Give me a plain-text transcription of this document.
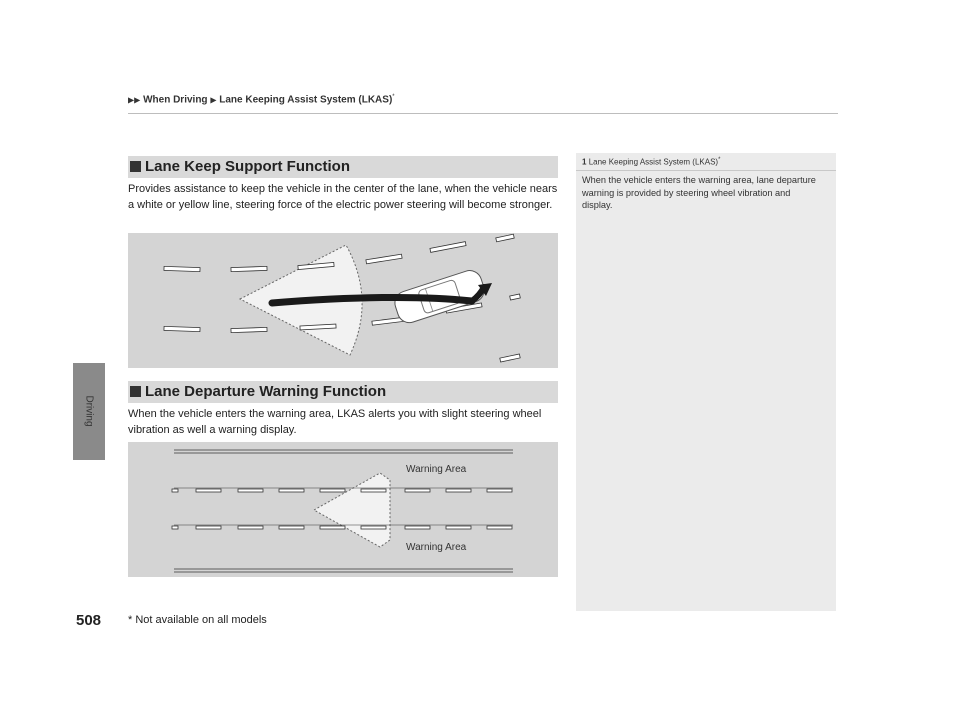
▶▶ When Driving ▶ Lane Keeping Assist System (LKAS)*
Driving
Lane Keep Support Function
Provides assistance to keep the vehicle in the center of the lane, when the vehicle nears a white or yellow line, steering force of the electric power steering will become stronger.
Lane Departure Warning Function
When the vehicle enters the warning area, LKAS alerts you with slight steering wheel vibration as well a warning display.
Warning Area
Warning Area
1 Lane Keeping Assist System (LKAS)*
When the vehicle enters the warning area, lane departure warning is provided by steering wheel vibration and display.
508 * Not available on all models
